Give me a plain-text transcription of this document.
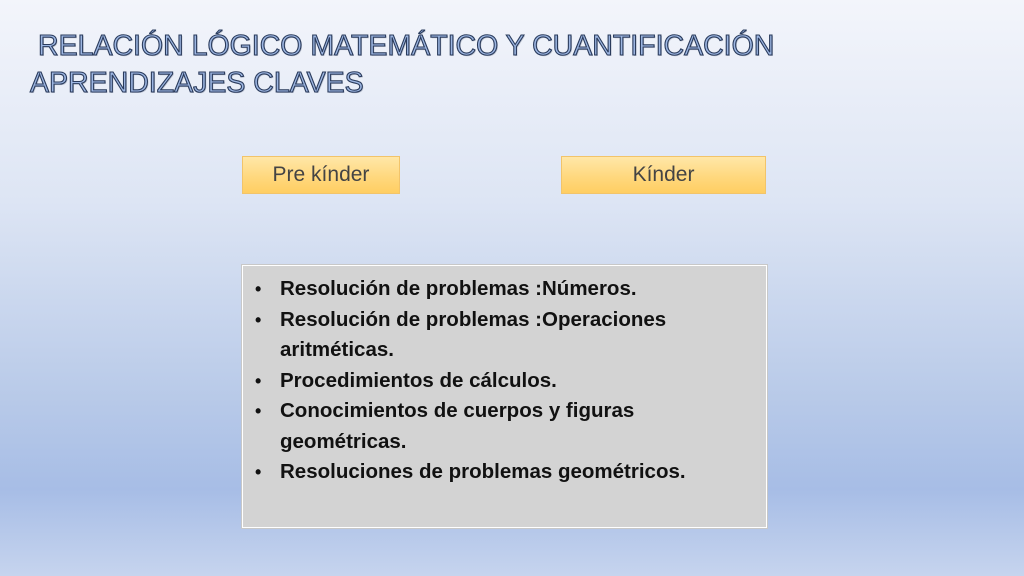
RELACIÓN LÓGICO MATEMÁTICO Y CUANTIFICACIÓN
APRENDIZAJES CLAVES
Pre kínder	Kínder
• Resolución de problemas :Números.
• Resolución de problemas :Operaciones aritméticas.
• Procedimientos de cálculos.
• Conocimientos de cuerpos y figuras geométricas.
• Resoluciones de problemas geométricos.
